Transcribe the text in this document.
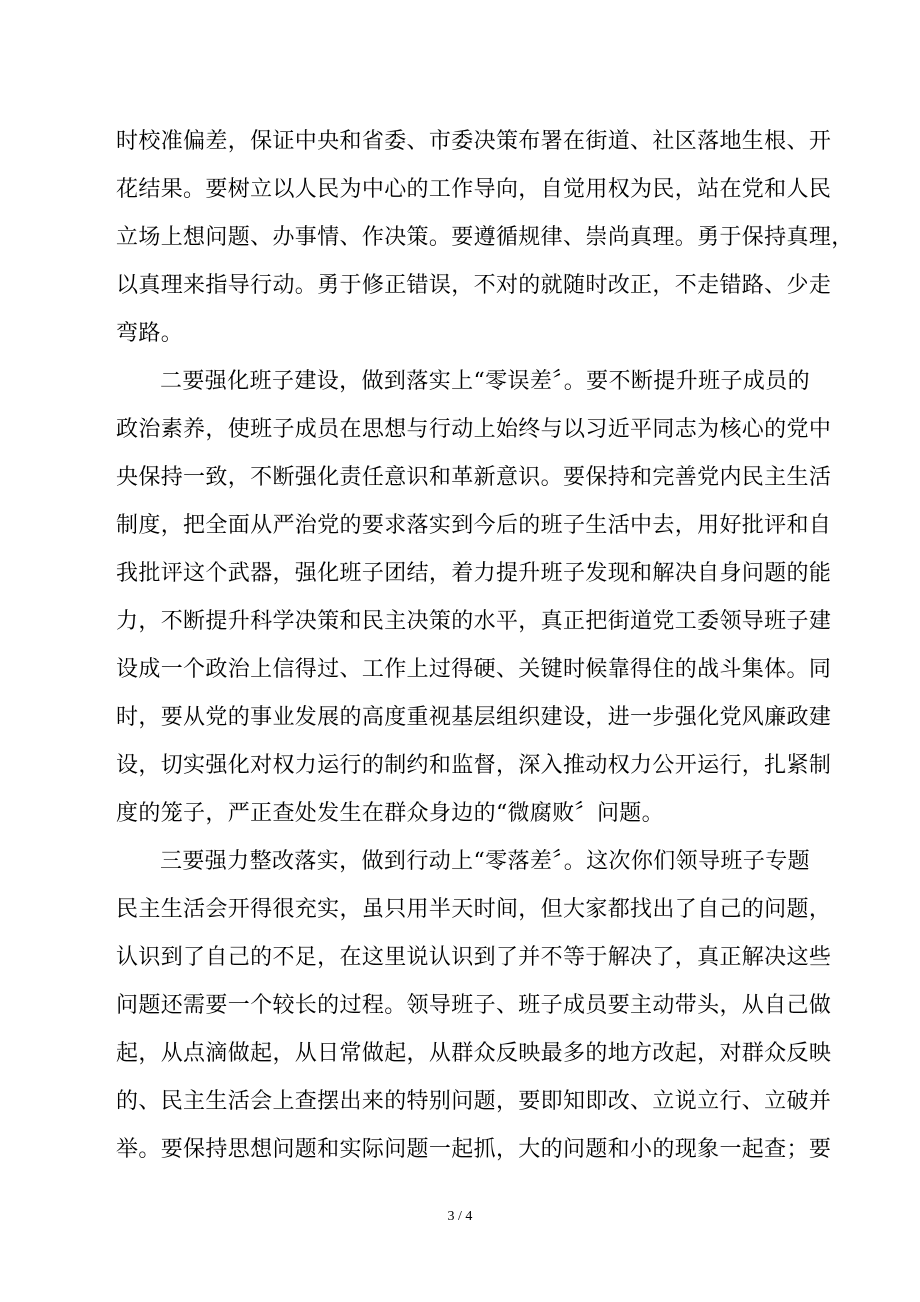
时校准偏差，保证中央和省委、市委决策布署在街道、社区落地生根、开
花结果。要树立以人民为中心的工作导向，自觉用权为民，站在党和人民
立场上想问题、办事情、作决策。要遵循规律、崇尚真理。勇于保持真理，
以真理来指导行动。勇于修正错误，不对的就随时改正，不走错路、少走
弯路。
二要强化班子建设，做到落实上“零误差〞。要不断提升班子成员的
政治素养，使班子成员在思想与行动上始终与以习近平同志为核心的党中
央保持一致，不断强化责任意识和革新意识。要保持和完善党内民主生活
制度，把全面从严治党的要求落实到今后的班子生活中去，用好批评和自
我批评这个武器，强化班子团结，着力提升班子发现和解决自身问题的能
力，不断提升科学决策和民主决策的水平，真正把街道党工委领导班子建
设成一个政治上信得过、工作上过得硬、关键时候靠得住的战斗集体。同
时，要从党的事业发展的高度重视基层组织建设，进一步强化党风廉政建
设，切实强化对权力运行的制约和监督，深入推动权力公开运行，扎紧制
度的笼子，严正查处发生在群众身边的“微腐败〞问题。
三要强力整改落实，做到行动上“零落差〞。这次你们领导班子专题
民主生活会开得很充实，虽只用半天时间，但大家都找出了自己的问题，
认识到了自己的不足，在这里说认识到了并不等于解决了，真正解决这些
问题还需要一个较长的过程。领导班子、班子成员要主动带头，从自己做
起，从点滴做起，从日常做起，从群众反映最多的地方改起，对群众反映
的、民主生活会上查摆出来的特别问题，要即知即改、立说立行、立破并
举。要保持思想问题和实际问题一起抓，大的问题和小的现象一起查；要
3 / 4
